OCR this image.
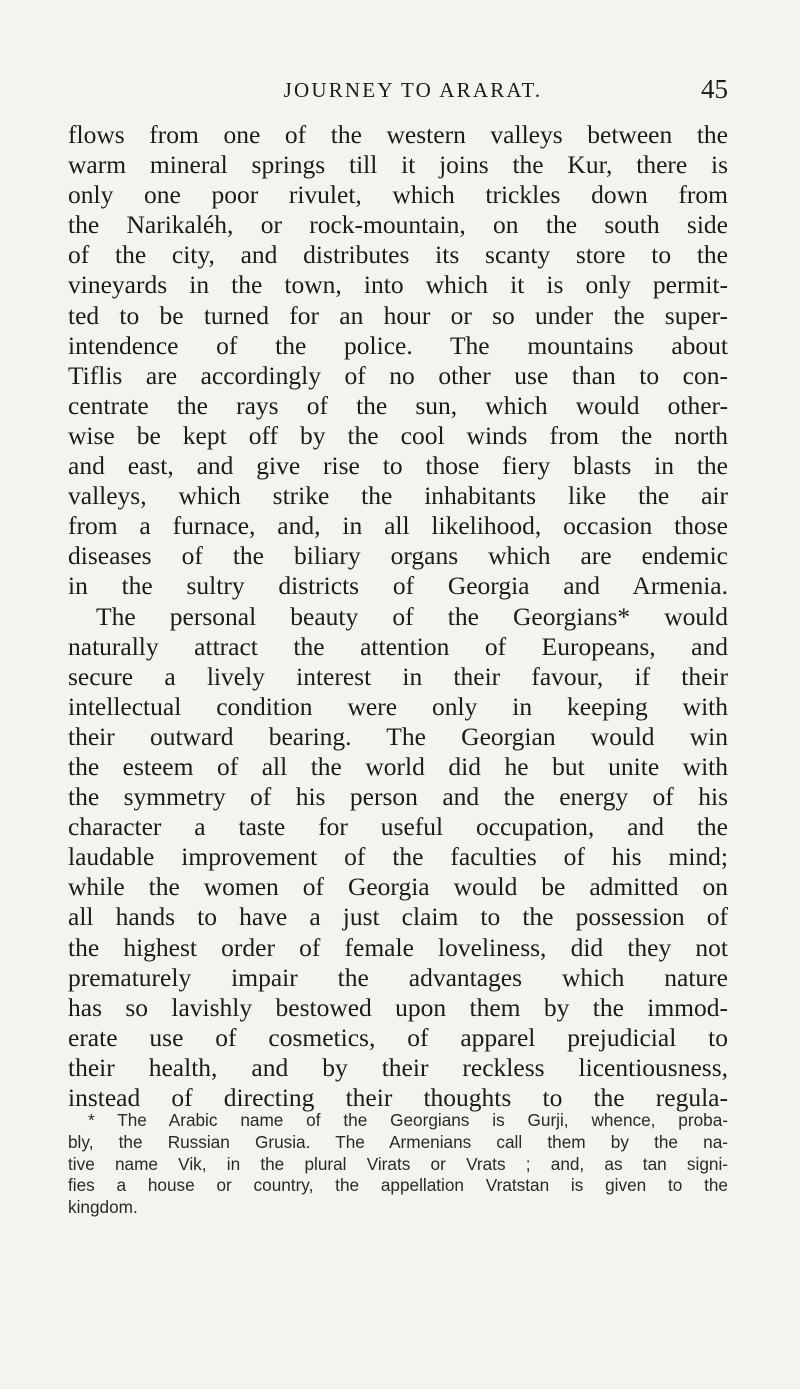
JOURNEY TO ARARAT.	45

flows from one of the western valleys between the
warm mineral springs till it joins the Kur, there is
only one poor rivulet, which trickles down from
the Narikaléh, or rock-mountain, on the south side
of the city, and distributes its scanty store to the
vineyards in the town, into which it is only permit-
ted to be turned for an hour or so under the super-
intendence of the police. The mountains about
Tiflis are accordingly of no other use than to con-
centrate the rays of the sun, which would other-
wise be kept off by the cool winds from the north
and east, and give rise to those fiery blasts in the
valleys, which strike the inhabitants like the air
from a furnace, and, in all likelihood, occasion those
diseases of the biliary organs which are endemic
in the sultry districts of Georgia and Armenia.
The personal beauty of the Georgians* would
naturally attract the attention of Europeans, and
secure a lively interest in their favour, if their
intellectual condition were only in keeping with
their outward bearing. The Georgian would win
the esteem of all the world did he but unite with
the symmetry of his person and the energy of his
character a taste for useful occupation, and the
laudable improvement of the faculties of his mind;
while the women of Georgia would be admitted on
all hands to have a just claim to the possession of
the highest order of female loveliness, did they not
prematurely impair the advantages which nature
has so lavishly bestowed upon them by the immod-
erate use of cosmetics, of apparel prejudicial to
their health, and by their reckless licentiousness,
instead of directing their thoughts to the regula-

* The Arabic name of the Georgians is Gurji, whence, proba-
bly, the Russian Grusia. The Armenians call them by the na-
tive name Vik, in the plural Virats or Vrats ; and, as tan signi-
fies a house or country, the appellation Vratstan is given to the
kingdom.
